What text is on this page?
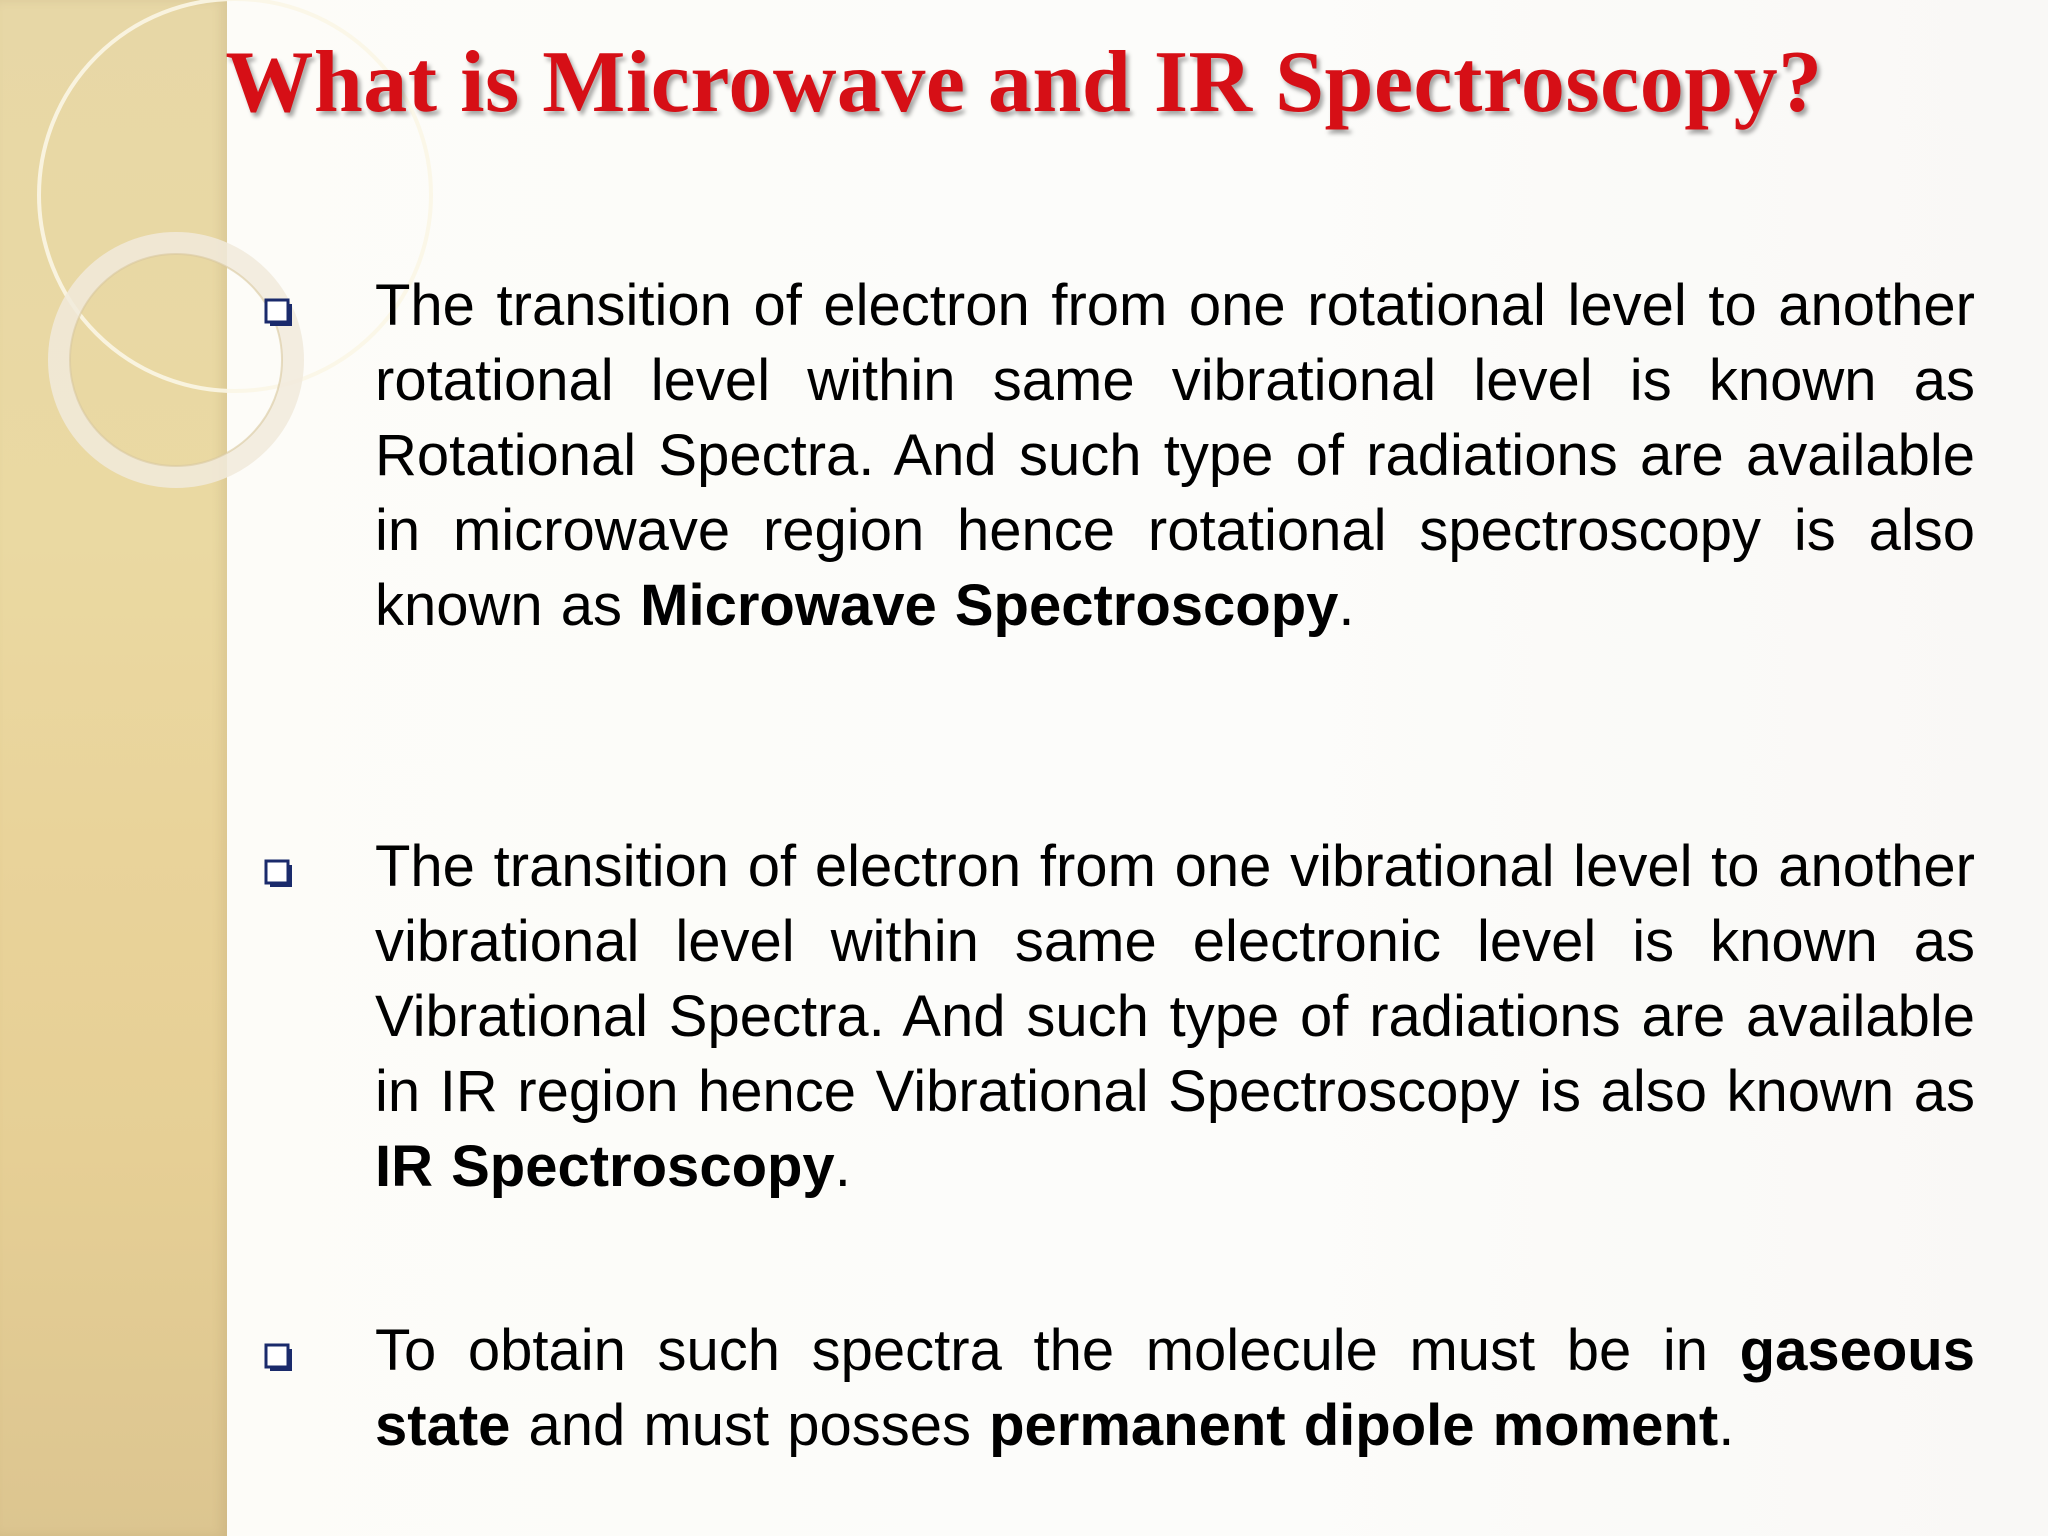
What is Microwave and IR Spectroscopy?

The transition of electron from one rotational level to another rotational level within same vibrational level is known as Rotational Spectra. And such type of radiations are available in microwave region hence rotational spectroscopy is also known as Microwave Spectroscopy.

The transition of electron from one vibrational level to another vibrational level within same electronic level is known as Vibrational Spectra. And such type of radiations are available in IR region hence Vibrational Spectroscopy is also known as IR Spectroscopy.

To obtain such spectra the molecule must be in gaseous state and must posses permanent dipole moment.
